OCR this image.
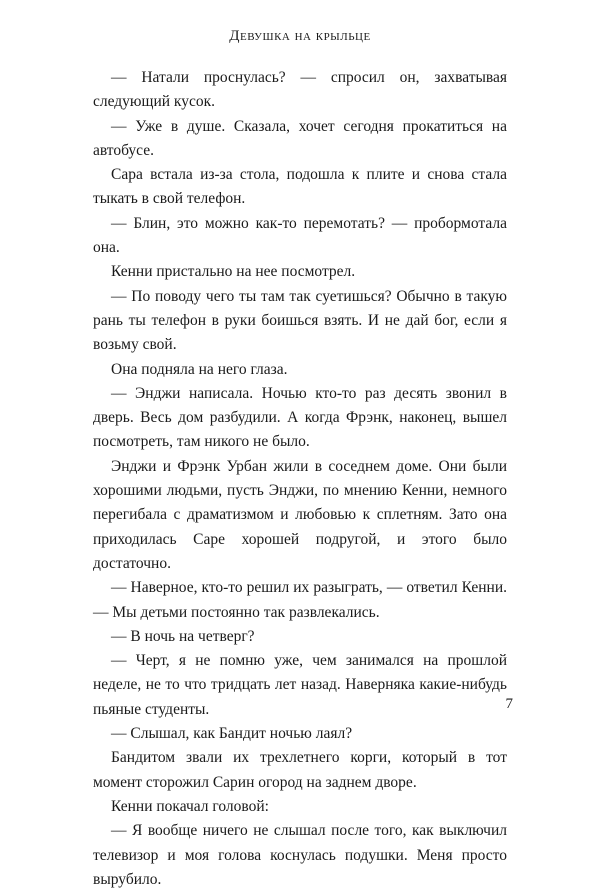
Девушка на крыльце

— Натали проснулась? — спросил он, захватывая следующий кусок.

— Уже в душе. Сказала, хочет сегодня прокатиться на автобусе.

Сара встала из-за стола, подошла к плите и снова стала тыкать в свой телефон.

— Блин, это можно как-то перемотать? — пробормотала она.

Кенни пристально на нее посмотрел.

— По поводу чего ты там так суетишься? Обычно в такую рань ты телефон в руки боишься взять. И не дай бог, если я возьму свой.

Она подняла на него глаза.

— Энджи написала. Ночью кто-то раз десять звонил в дверь. Весь дом разбудили. А когда Фрэнк, наконец, вышел посмотреть, там никого не было.

Энджи и Фрэнк Урбан жили в соседнем доме. Они были хорошими людьми, пусть Энджи, по мнению Кенни, немного перегибала с драматизмом и любовью к сплетням. Зато она приходилась Саре хорошей подругой, и этого было достаточно.

— Наверное, кто-то решил их разыграть, — ответил Кенни. — Мы детьми постоянно так развлекались.

— В ночь на четверг?

— Черт, я не помню уже, чем занимался на прошлой неделе, не то что тридцать лет назад. Наверняка какие-нибудь пьяные студенты.

— Слышал, как Бандит ночью лаял?

Бандитом звали их трехлетнего корги, который в тот момент сторожил Сарин огород на заднем дворе.

Кенни покачал головой:

— Я вообще ничего не слышал после того, как выключил телевизор и моя голова коснулась подушки. Меня просто вырубило.

7
